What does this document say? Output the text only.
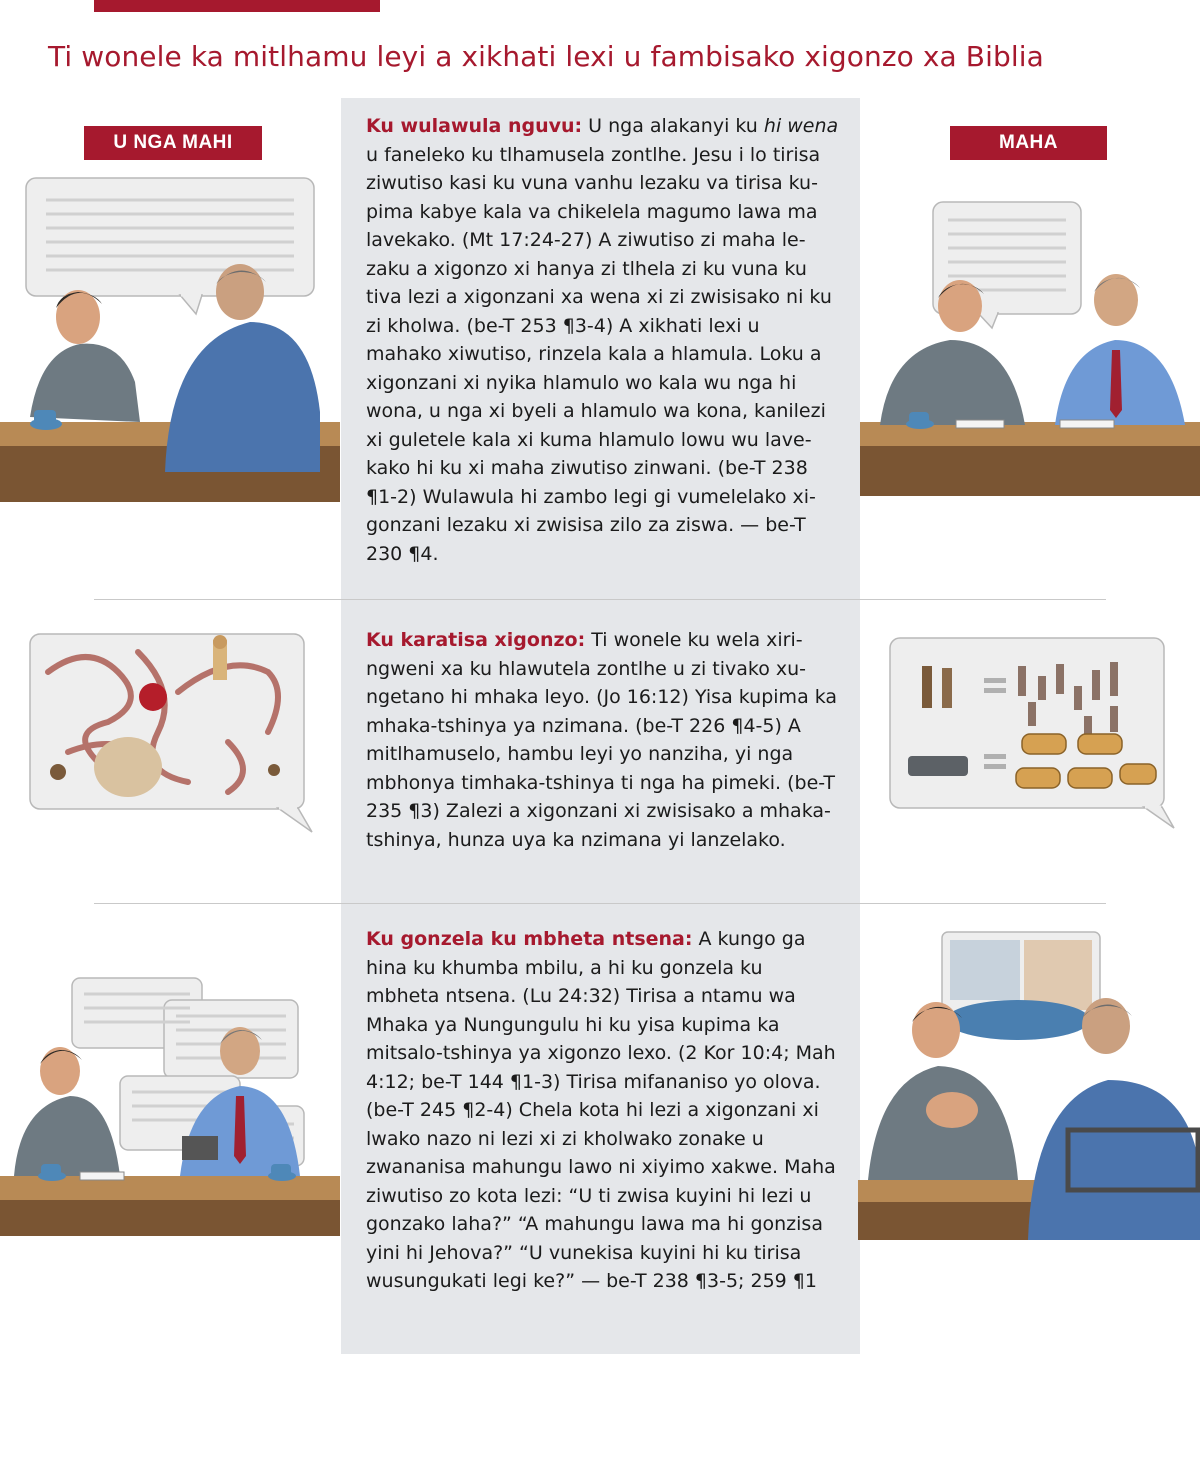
Ti wonele ka mitlhamu leyi a xikhati lexi u fambisako xigonzo xa Biblia
U NGA MAHI	MAHA

Ku wulawula nguvu: U nga alakanyi ku hi wena u faneleko ku tlhamusela zontlhe. Jesu i lo tirisa ziwutiso kasi ku vuna vanhu lezaku va tirisa kupima kabye kala va chikelela magumo lawa ma lavekako. (Mt 17:24-27) A ziwutiso zi maha lezaku a xigonzo xi hanya zi tlhela zi ku vuna ku tiva lezi a xigonzani xa wena xi zi zwisisako ni ku zi kholwa. (be-T 253 ¶3-4) A xikhati lexi u mahako xiwutiso, rinzela kala a hlamula. Loku a xigonzani xi nyika hlamulo wo kala wu nga hi wona, u nga xi byeli a hlamulo wa kona, kanilezi xi guletele kala xi kuma hlamulo lowu wu lavekako hi ku xi maha ziwutiso zinwani. (be-T 238 ¶1-2) Wulawula hi zambo legi gi vumelelako xigonzani lezaku xi zwisisa zilo za ziswa. — be-T 230 ¶4.

Ku karatisa xigonzo: Ti wonele ku wela xiringweni xa ku hlawutela zontlhe u zi tivako xungetano hi mhaka leyo. (Jo 16:12) Yisa kupima ka mhaka-tshinya ya nzimana. (be-T 226 ¶4-5) A mitlhamuselo, hambu leyi yo nanziha, yi nga mbhonya timhaka-tshinya ti nga ha pimeki. (be-T 235 ¶3) Zalezi a xigonzani xi zwisisako a mhaka-tshinya, hunza uya ka nzimana yi lanzelako.

Ku gonzela ku mbheta ntsena: A kungo ga hina ku khumba mbilu, a hi ku gonzela ku mbheta ntsena. (Lu 24:32) Tirisa a ntamu wa Mhaka ya Nungungulu hi ku yisa kupima ka mitsalo-tshinya ya xigonzo lexo. (2 Kor 10:4; Mah 4:12; be-T 144 ¶1-3) Tirisa mifananiso yo olova. (be-T 245 ¶2-4) Chela kota hi lezi a xigonzani xi lwako nazo ni lezi xi zi kholwako zonake u zwananisa mahungu lawo ni xiyimo xakwe. Maha ziwutiso zo kota lezi: “U ti zwisa kuyini hi lezi u gonzako laha?” “A mahungu lawa ma hi gonzisa yini hi Jehova?” “U vunekisa kuyini hi ku tirisa wusungukati legi ke?” — be-T 238 ¶3-5; 259 ¶1
